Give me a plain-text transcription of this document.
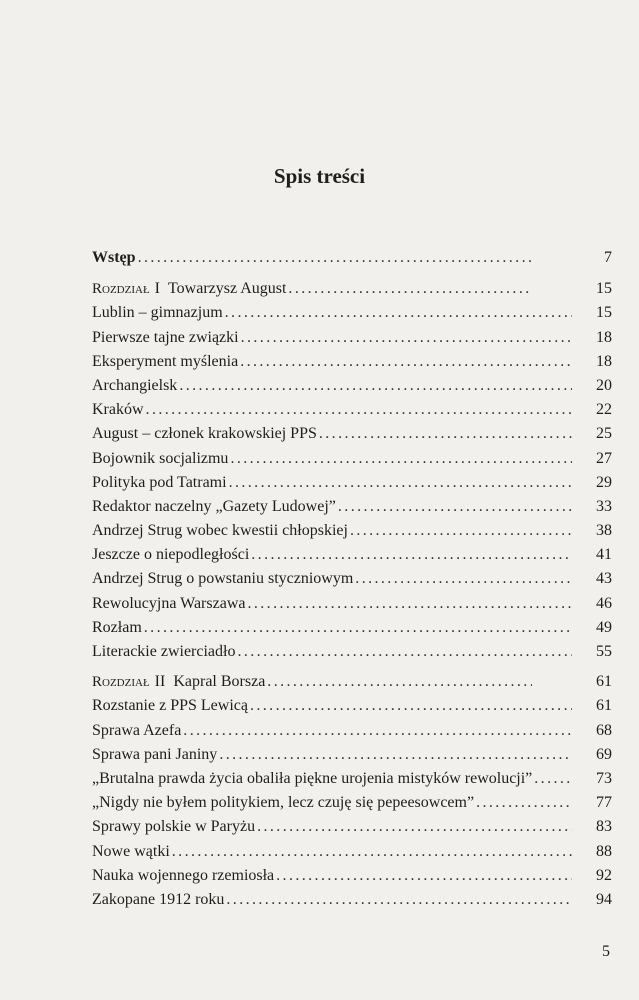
Spis treści
Wstęp . . .	7
Rozdział I Towarzysz August . . .	15
Lublin – gimnazjum . . .	15
Pierwsze tajne związki . . .	18
Eksperyment myślenia . . .	18
Archangielsk . . .	20
Kraków . . .	22
August – członek krakowskiej PPS . . .	25
Bojownik socjalizmu . . .	27
Polityka pod Tatrami . . .	29
Redaktor naczelny „Gazety Ludowej” . . .	33
Andrzej Strug wobec kwestii chłopskiej . . .	38
Jeszcze o niepodległości . . .	41
Andrzej Strug o powstaniu styczniowym . . .	43
Rewolucyjna Warszawa . . .	46
Rozłam . . .	49
Literackie zwierciadło . . .	55
Rozdział II Kapral Borsza . . .	61
Rozstanie z PPS Lewicą . . .	61
Sprawa Azefa . . .	68
Sprawa pani Janiny . . .	69
„Brutalna prawda życia obaliła piękne urojenia mistyków rewolucji” . . .	73
„Nigdy nie byłem politykiem, lecz czuję się pepeesowcem” . . .	77
Sprawy polskie w Paryżu . . .	83
Nowe wątki . . .	88
Nauka wojennego rzemiosła . . .	92
Zakopane 1912 roku . . .	94
5
